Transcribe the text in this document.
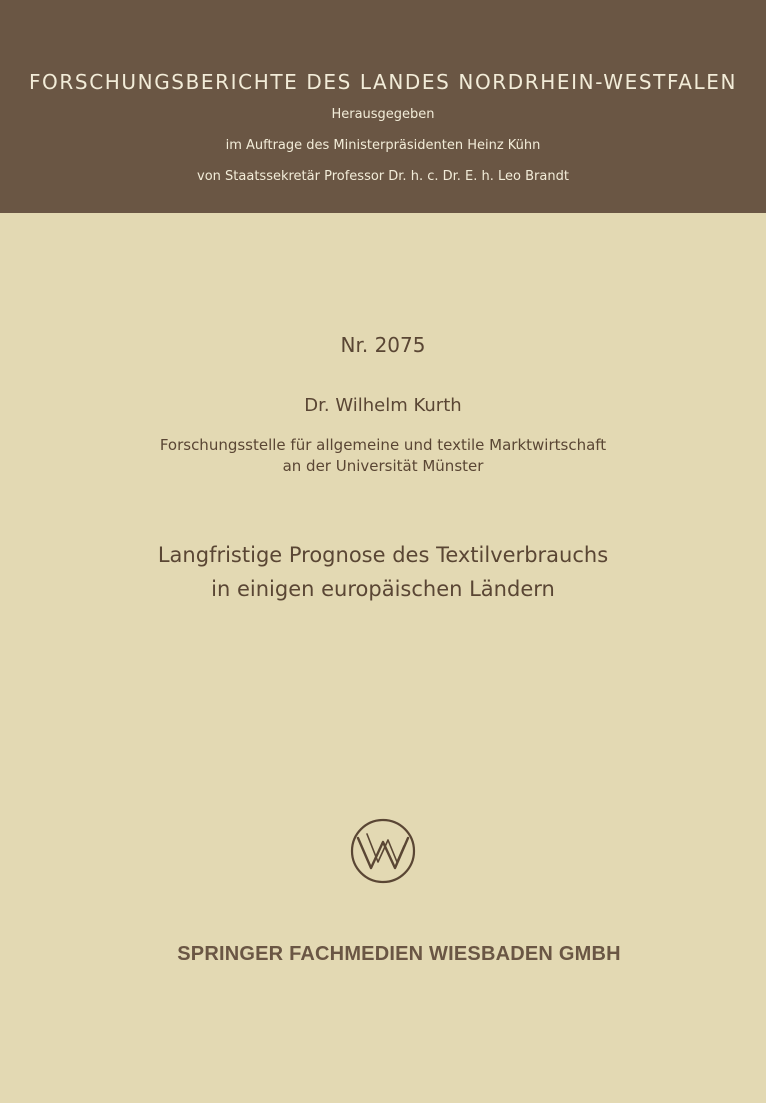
FORSCHUNGSBERICHTE DES LANDES NORDRHEIN-WESTFALEN
Herausgegeben
im Auftrage des Ministerpräsidenten Heinz Kühn
von Staatssekretär Professor Dr. h. c. Dr. E. h. Leo Brandt
Nr. 2075
Dr. Wilhelm Kurth
Forschungsstelle für allgemeine und textile Marktwirtschaft
an der Universität Münster
Langfristige Prognose des Textilverbrauchs
in einigen europäischen Ländern
SPRINGER FACHMEDIEN WIESBADEN GMBH
